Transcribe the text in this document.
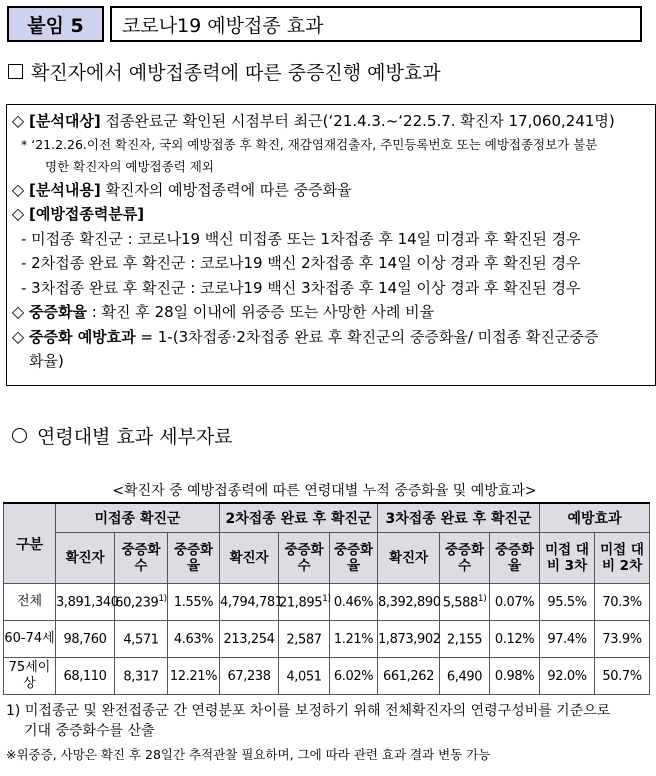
붙임 5	코로나19 예방접종 효과
확진자에서 예방접종력에 따른 중증진행 예방효과
◇ [분석대상] 접종완료군 확인된 시점부터 최근(‘21.4.3.~‘22.5.7. 확진자 17,060,241명)
* ‘21.2.26.이전 확진자, 국외 예방접종 후 확진, 재감염재검출자, 주민등록번호 또는 예방접종정보가 불분
명한 확진자의 예방접종력 제외
◇ [분석내용] 확진자의 예방접종력에 따른 중증화율
◇ [예방접종력분류]
- 미접종 확진군 : 코로나19 백신 미접종 또는 1차접종 후 14일 미경과 후 확진된 경우
- 2차접종 완료 후 확진군 : 코로나19 백신 2차접종 후 14일 이상 경과 후 확진된 경우
- 3차접종 완료 후 확진군 : 코로나19 백신 3차접종 후 14일 이상 경과 후 확진된 경우
◇ 중증화율 : 확진 후 28일 이내에 위중증 또는 사망한 사례 비율
◇ 중증화 예방효과 = 1-(3차접종·2차접종 완료 후 확진군의 중증화율/ 미접종 확진군중증
화율)
연령대별 효과 세부자료
<확진자 중 예방접종력에 따른 연령대별 누적 중증화율 및 예방효과>
구분	미접종 확진군			2차접종 완료 후 확진군			3차접종 완료 후 확진군			예방효과	
	확진자	중증화수	중증화율	확진자	중증화수	중증화율	확진자	중증화수	중증화율	미접 대비 3차	미접 대비 2차
전체	3,891,340	60,239$^{1)}$	1.55%	4,794,781	21,895$^{1)}$	0.46%	8,392,890	5,588$^{1)}$	0.07%	95.5%	70.3%
60-74세	98,760	4,571	4.63%	213,254	2,587	1.21%	1,873,902	2,155	0.12%	97.4%	73.9%
75세이상	68,110	8,317	12.21%	67,238	4,051	6.02%	661,262	6,490	0.98%	92.0%	50.7%
1) 미접종군 및 완전접종군 간 연령분포 차이를 보정하기 위해 전체확진자의 연령구성비를 기준으로
기대 중증화수를 산출
※위중증, 사망은 확진 후 28일간 추적관찰 필요하며, 그에 따라 관련 효과 결과 변동 가능
